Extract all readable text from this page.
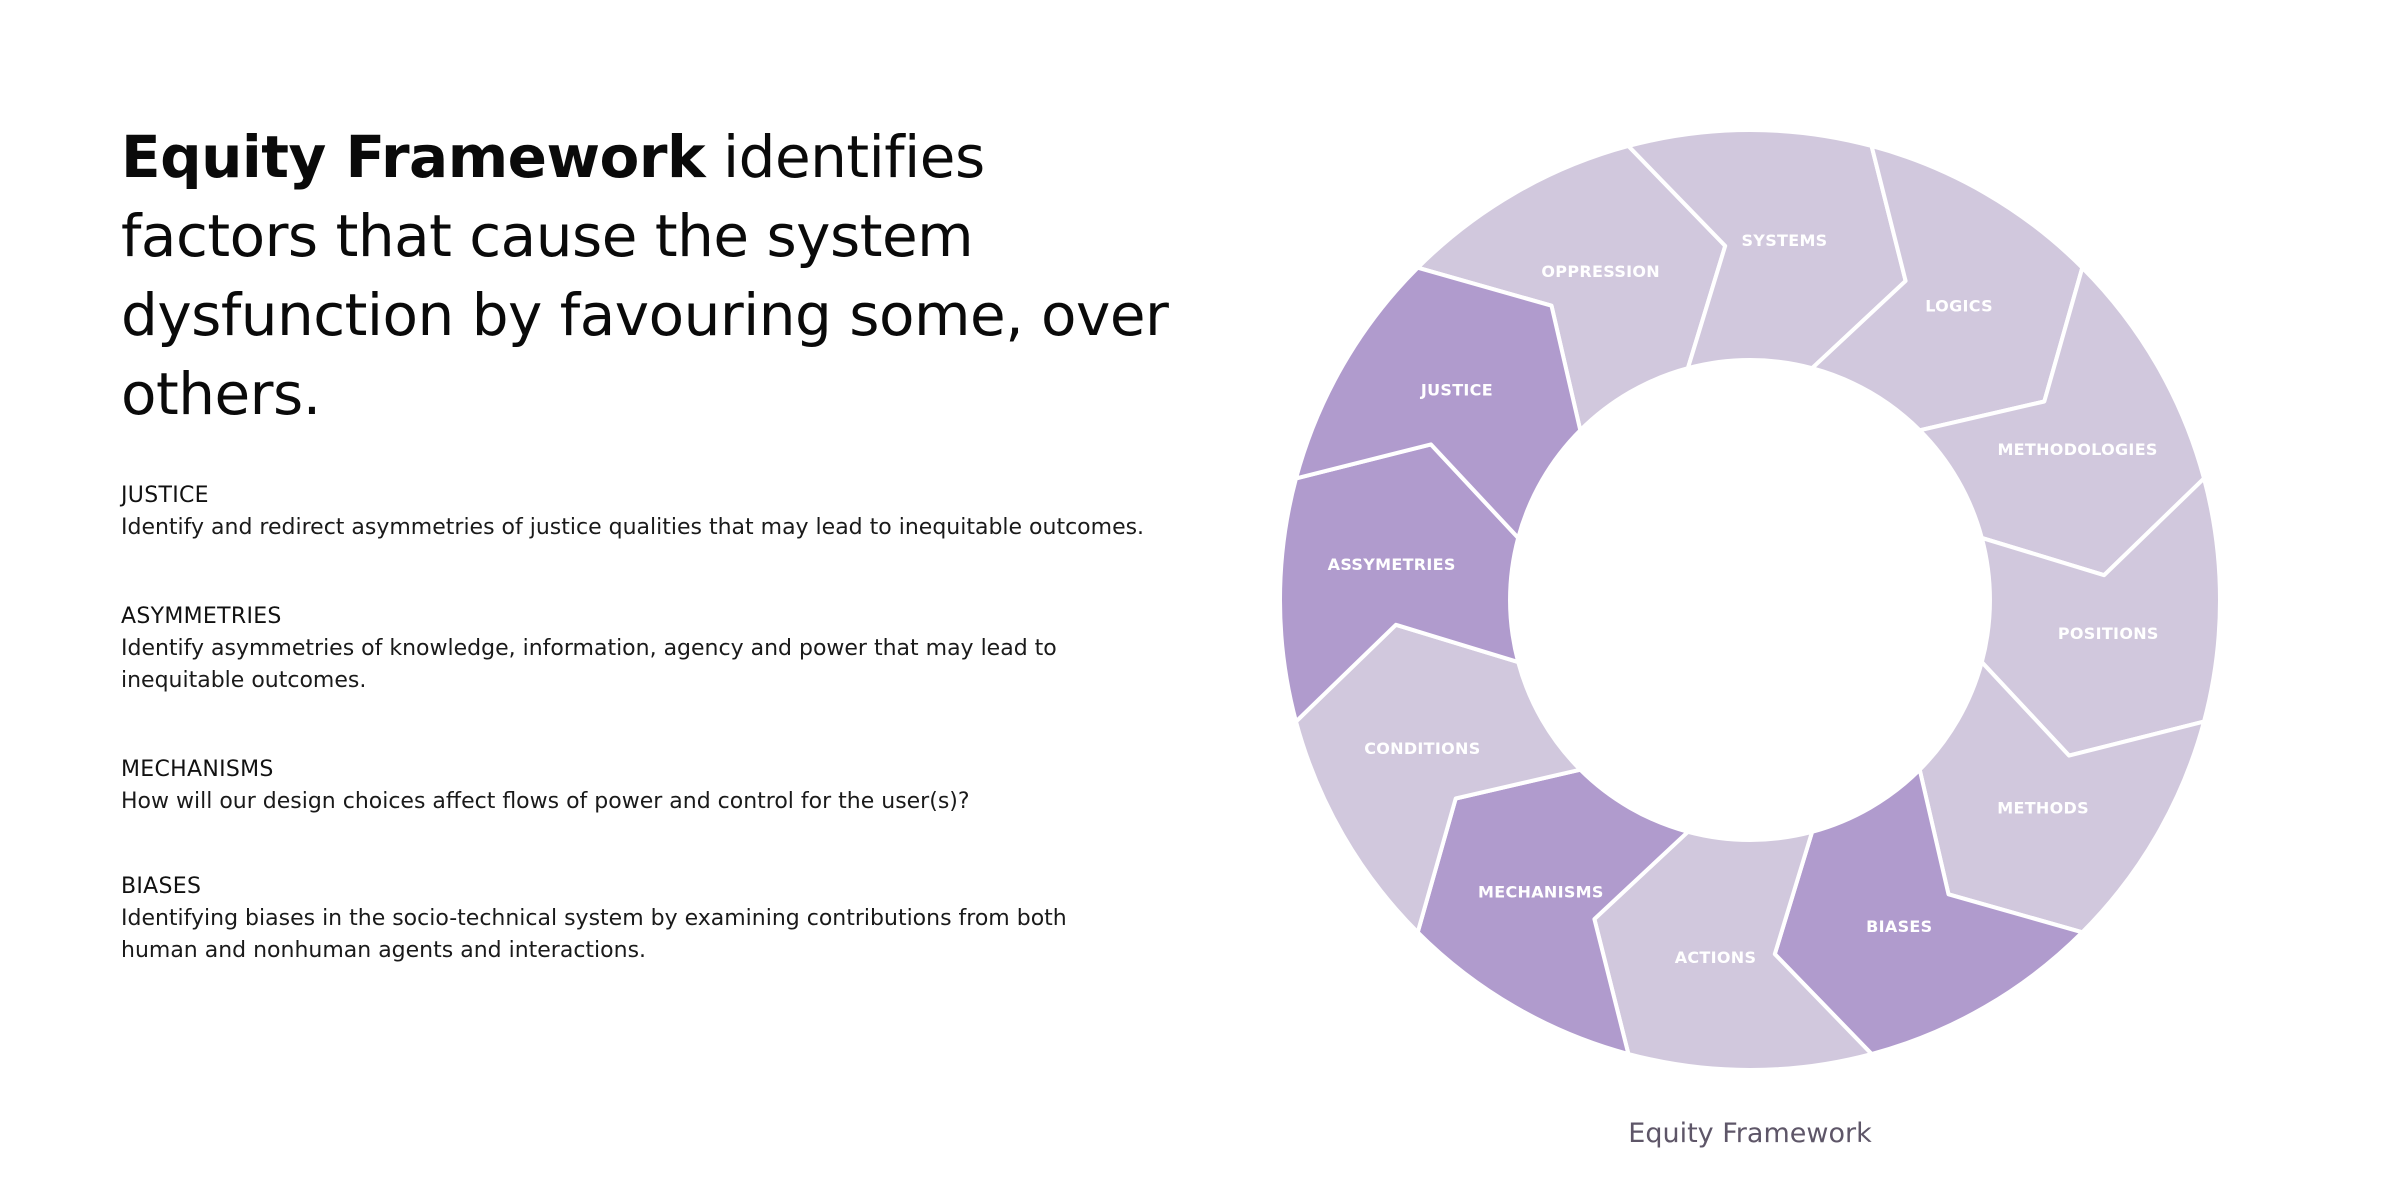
Equity Framework identifies factors that cause the system dysfunction by favouring some, over others.
JUSTICE
Identify and redirect asymmetries of justice qualities that may lead to inequitable outcomes.
ASYMMETRIES
Identify asymmetries of knowledge, information, agency and power that may lead to inequitable outcomes.
MECHANISMS
How will our design choices affect flows of power and control for the user(s)?
BIASES
Identifying biases in the socio-technical system by examining contributions from both human and nonhuman agents and interactions.
OPPRESSION
SYSTEMS
LOGICS
METHODOLOGIES
POSITIONS
METHODS
BIASES
ACTIONS
MECHANISMS
CONDITIONS
ASSYMETRIES
JUSTICE
Equity Framework
